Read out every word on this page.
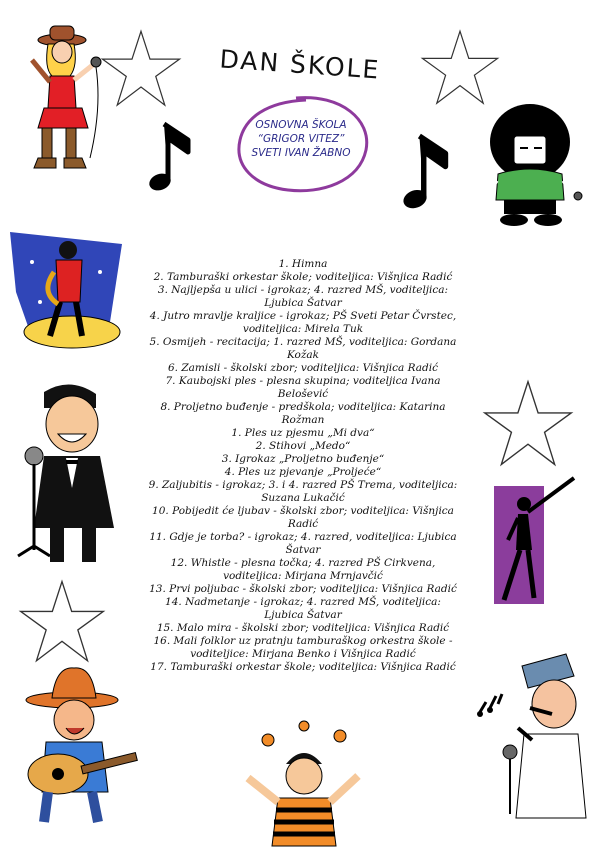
DAN ŠKOLE
OSNOVNA ŠKOLA
“GRIGOR VITEZ”
SVETI IVAN ŽABNO
1. Himna
2. Tamburaški orkestar škole; voditeljica: Višnjica Radić
3. Najljepša u ulici - igrokaz; 4. razred MŠ, voditeljica: Ljubica Šatvar
4. Jutro mravlje kraljice - igrokaz; PŠ Sveti Petar Čvrstec, voditeljica: Mirela Tuk
5. Osmijeh - recitacija; 1. razred MŠ, voditeljica: Gordana Kožak
6. Zamisli - školski zbor; voditeljica: Višnjica Radić
7. Kaubojski ples - plesna skupina; voditeljica Ivana Belošević
8. Proljetno buđenje - predškola; voditeljica: Katarina Rožman
1. Ples uz pjesmu „Mi dva“
2. Stihovi „Medo“
3. Igrokaz „Proljetno buđenje“
4. Ples uz pjevanje „Proljeće“
9. Zaljubitis - igrokaz; 3. i 4. razred PŠ Trema, voditeljica: Suzana Lukačić
10. Pobijedit će ljubav - školski zbor; voditeljica: Višnjica Radić
11. Gdje je torba? - igrokaz; 4. razred, voditeljica: Ljubica Šatvar
12. Whistle - plesna točka; 4. razred PŠ Cirkvena, voditeljica: Mirjana Mrnjavčić
13. Prvi poljubac - školski zbor; voditeljica: Višnjica Radić
14. Nadmetanje - igrokaz; 4. razred MŠ, voditeljica: Ljubica Šatvar
15. Malo mira - školski zbor; voditeljica: Višnjica Radić
16. Mali folklor uz pratnju tamburaškog orkestra škole - voditeljice: Mirjana Benko i Višnjica Radić
17. Tamburaški orkestar škole; voditeljica: Višnjica Radić
